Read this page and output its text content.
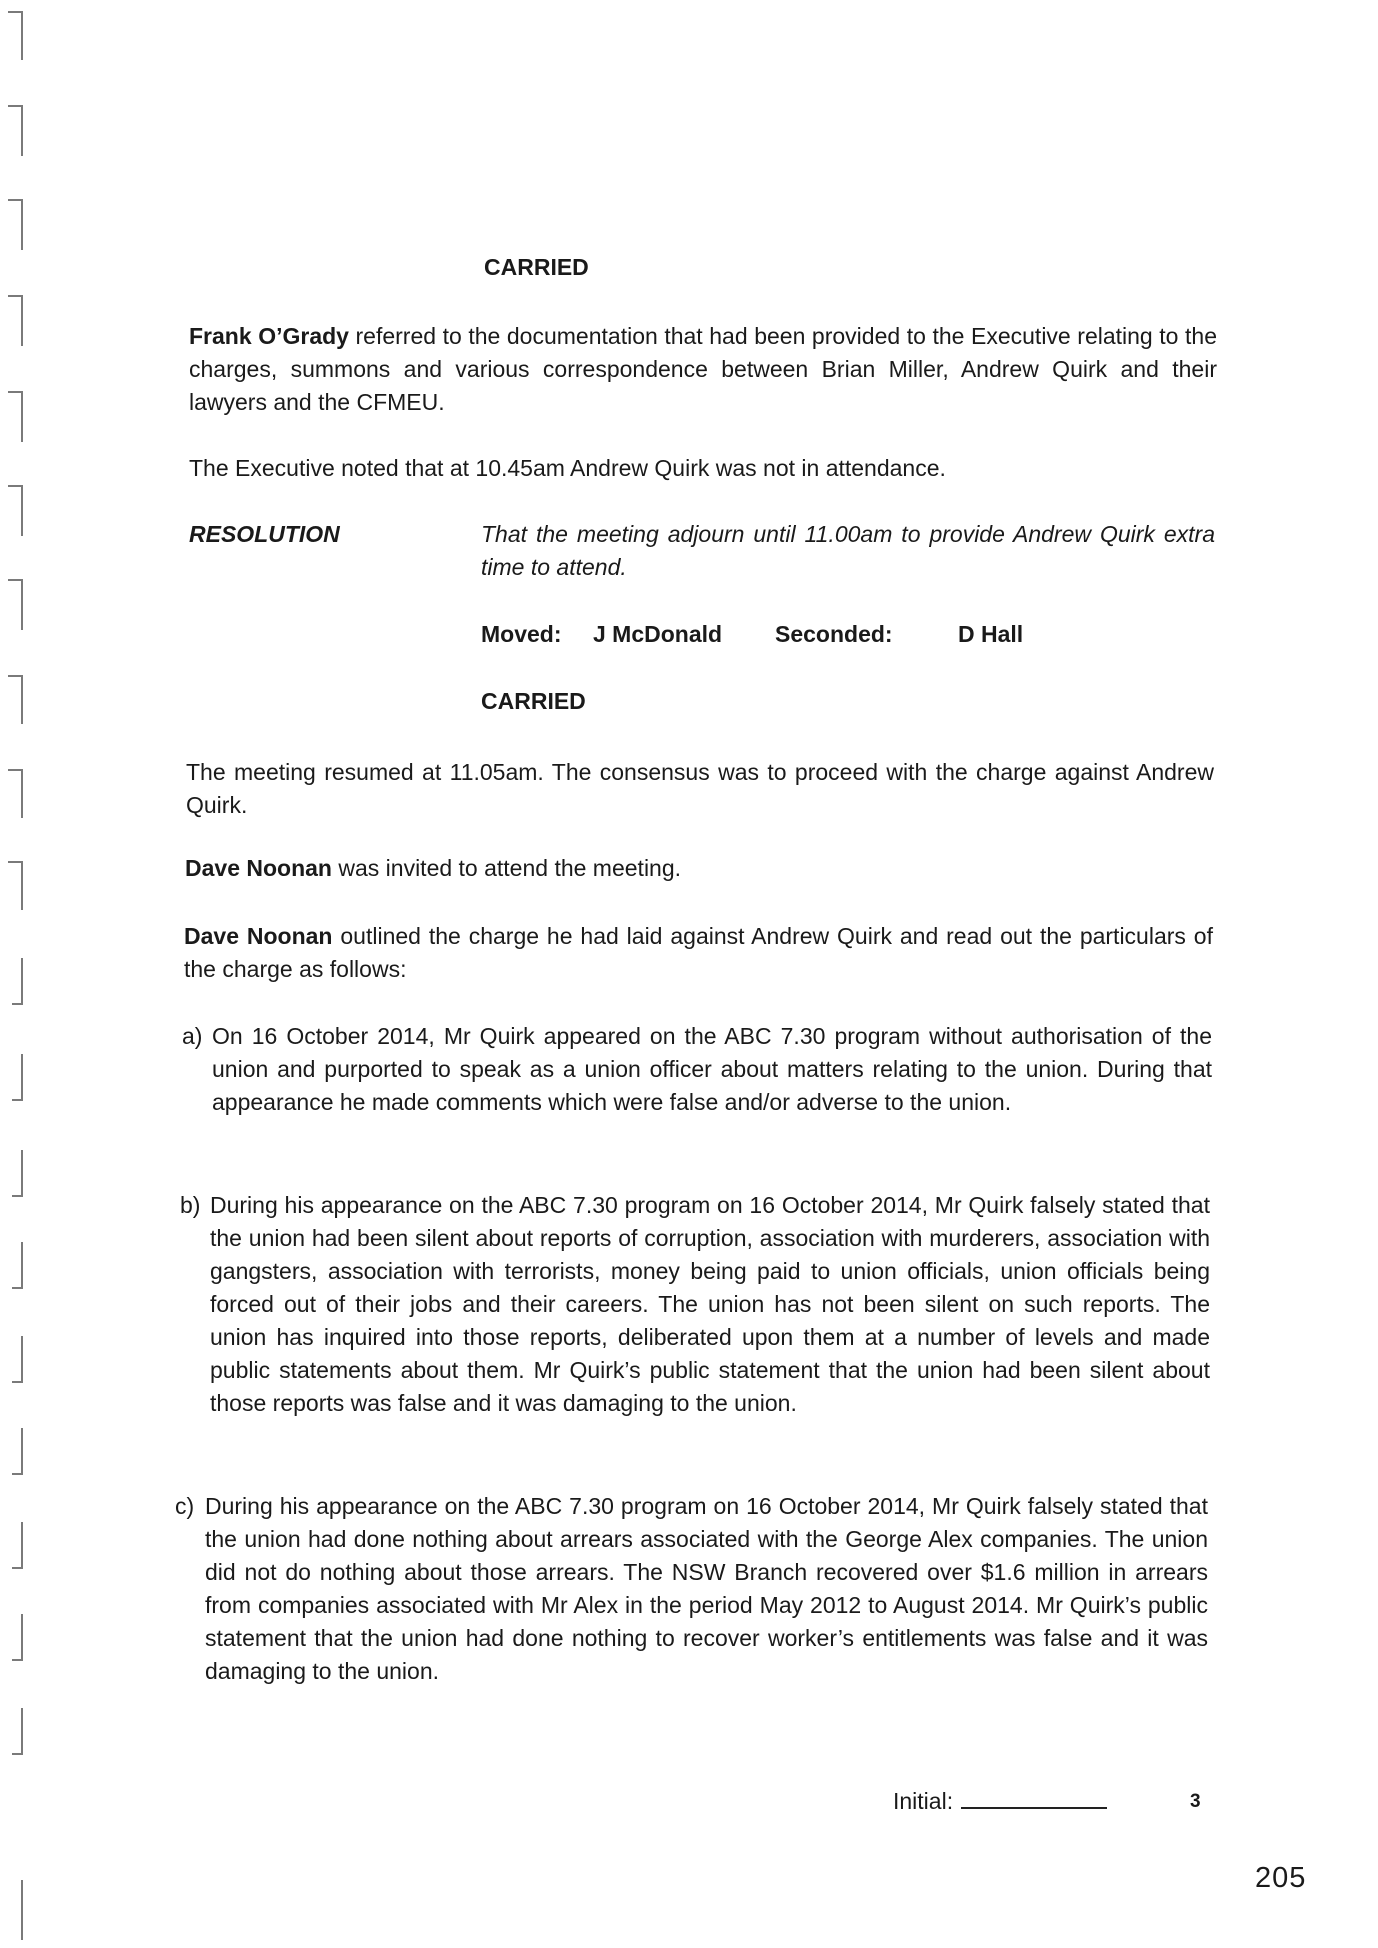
CARRIED
Frank O’Grady referred to the documentation that had been provided to the Executive relating to the charges, summons and various correspondence between Brian Miller, Andrew Quirk and their lawyers and the CFMEU.
The Executive noted that at 10.45am Andrew Quirk was not in attendance.
RESOLUTION	That the meeting adjourn until 11.00am to provide Andrew Quirk extra time to attend.
Moved: J McDonald Seconded:	D Hall
CARRIED
The meeting resumed at 11.05am. The consensus was to proceed with the charge against Andrew Quirk.
Dave Noonan was invited to attend the meeting.
Dave Noonan outlined the charge he had laid against Andrew Quirk and read out the particulars of the charge as follows:
a) On 16 October 2014, Mr Quirk appeared on the ABC 7.30 program without authorisation of the union and purported to speak as a union officer about matters relating to the union. During that appearance he made comments which were false and/or adverse to the union.
b) During his appearance on the ABC 7.30 program on 16 October 2014, Mr Quirk falsely stated that the union had been silent about reports of corruption, association with murderers, association with gangsters, association with terrorists, money being paid to union officials, union officials being forced out of their jobs and their careers. The union has not been silent on such reports. The union has inquired into those reports, deliberated upon them at a number of levels and made public statements about them. Mr Quirk’s public statement that the union had been silent about those reports was false and it was damaging to the union.
c) During his appearance on the ABC 7.30 program on 16 October 2014, Mr Quirk falsely stated that the union had done nothing about arrears associated with the George Alex companies. The union did not do nothing about those arrears. The NSW Branch recovered over $1.6 million in arrears from companies associated with Mr Alex in the period May 2012 to August 2014. Mr Quirk’s public statement that the union had done nothing to recover worker’s entitlements was false and it was damaging to the union.
Initial:	3
205
